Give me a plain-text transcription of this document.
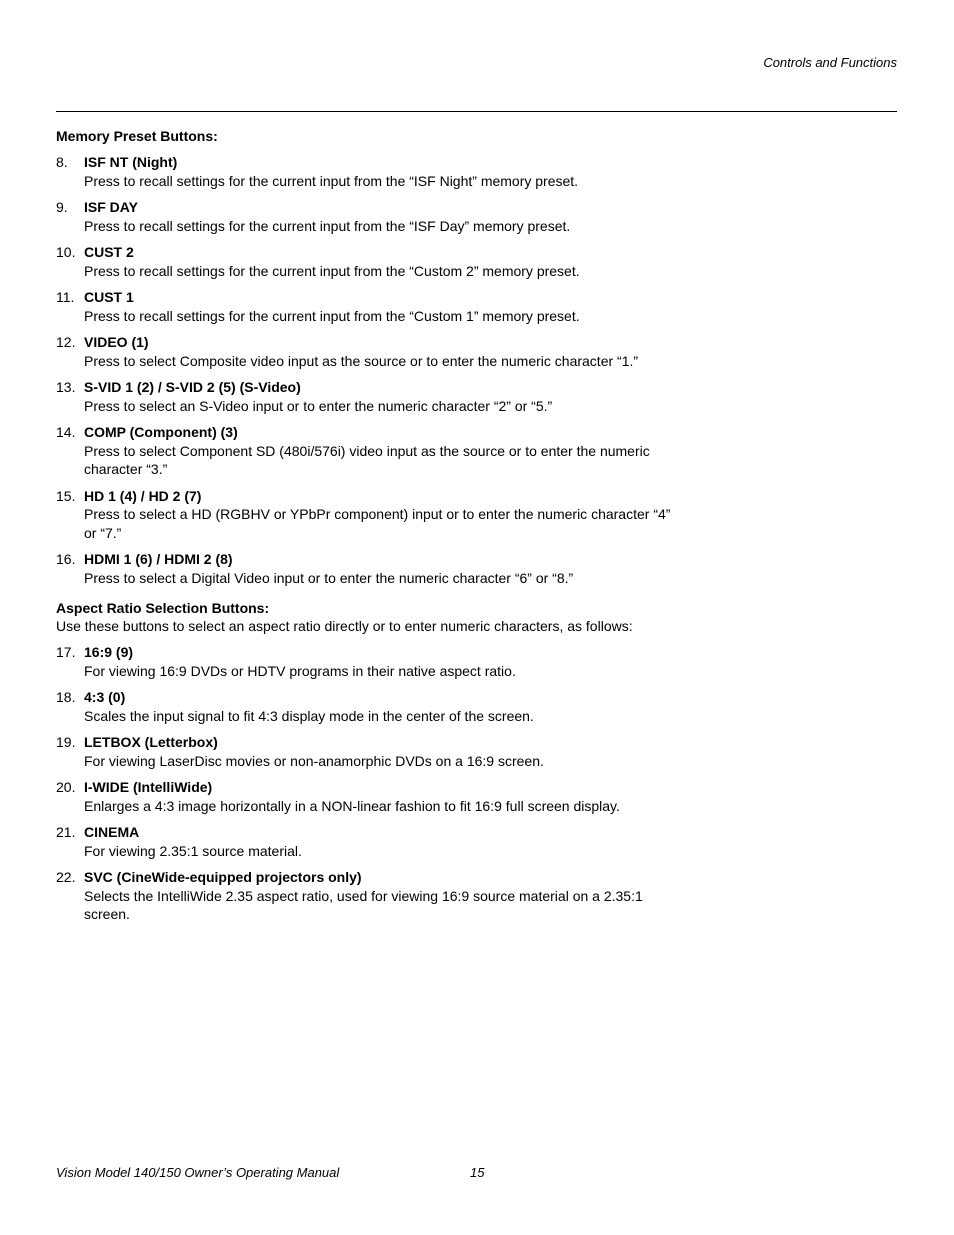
Controls and Functions
Memory Preset Buttons:
8.	ISF NT (Night)
Press to recall settings for the current input from the “ISF Night” memory preset.
9.	ISF DAY
Press to recall settings for the current input from the “ISF Day” memory preset.
10. CUST 2
Press to recall settings for the current input from the “Custom 2” memory preset.
11. CUST 1
Press to recall settings for the current input from the “Custom 1” memory preset.
12. VIDEO (1)
Press to select Composite video input as the source or to enter the numeric character “1.”
13. S-VID 1 (2) / S-VID 2 (5) (S-Video)
Press to select an S-Video input or to enter the numeric character “2” or “5.”
14. COMP (Component) (3)
Press to select Component SD (480i/576i) video input as the source or to enter the numeric character “3.”
15. HD 1 (4) / HD 2 (7)
Press to select a HD (RGBHV or YPbPr component) input or to enter the numeric character “4” or “7.”
16. HDMI 1 (6) / HDMI 2 (8)
Press to select a Digital Video input or to enter the numeric character “6” or “8.”
Aspect Ratio Selection Buttons:
Use these buttons to select an aspect ratio directly or to enter numeric characters, as follows:
17. 16:9 (9)
For viewing 16:9 DVDs or HDTV programs in their native aspect ratio.
18. 4:3 (0)
Scales the input signal to fit 4:3 display mode in the center of the screen.
19. LETBOX (Letterbox)
For viewing LaserDisc movies or non-anamorphic DVDs on a 16:9 screen.
20. I-WIDE (IntelliWide)
Enlarges a 4:3 image horizontally in a NON-linear fashion to fit 16:9 full screen display.
21. CINEMA
For viewing 2.35:1 source material.
22. SVC (CineWide-equipped projectors only)
Selects the IntelliWide 2.35 aspect ratio, used for viewing 16:9 source material on a 2.35:1 screen.
Vision Model 140/150 Owner’s Operating Manual	15
